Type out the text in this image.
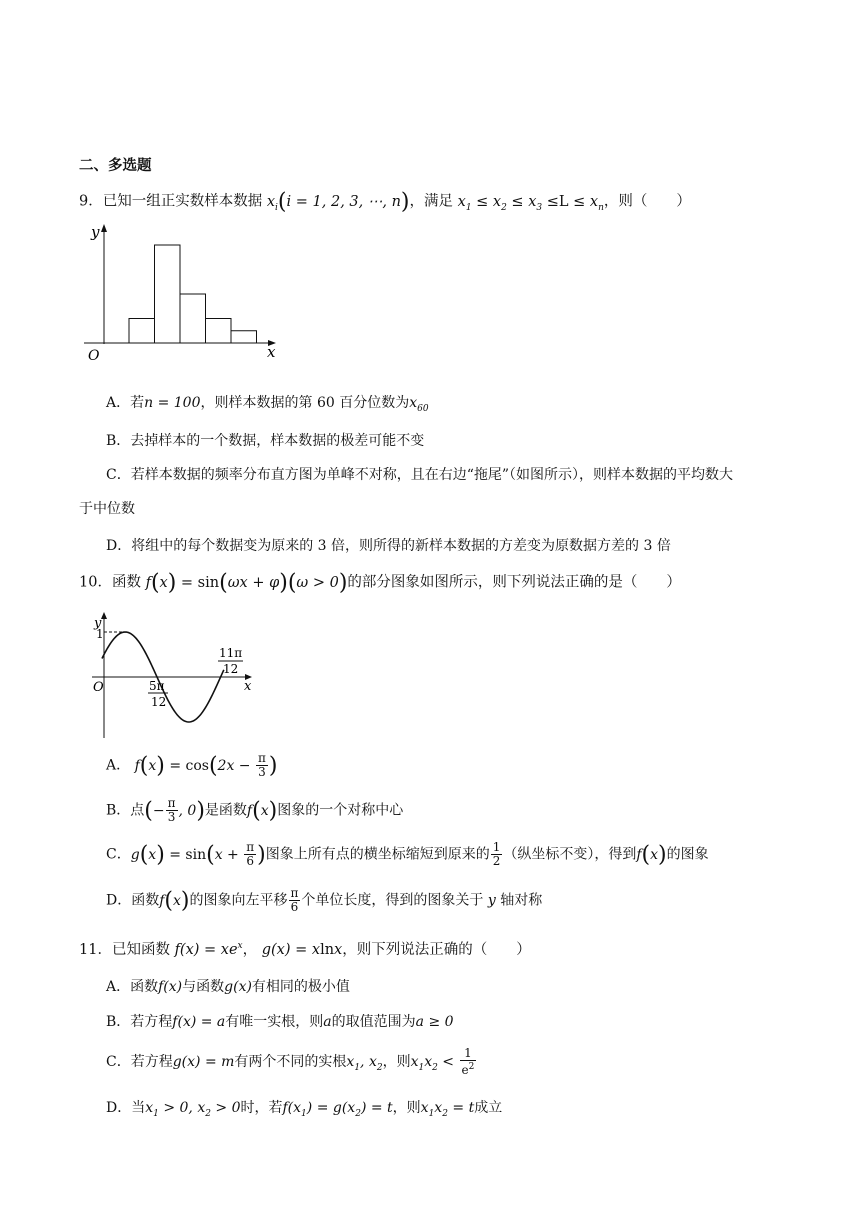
二、多选题
9．已知一组正实数样本数据 $x_i(i = 1$, 2, 3, ⋯, n)，满足 $x_1 \le x_2 \le x_3 \le L \le x_n$，则（　　）
y
x
O
A．若n = 100，则样本数据的第 60 百分位数为$x_{60}$
B．去掉样本的一个数据，样本数据的极差可能不变
C．若样本数据的频率分布直方图为单峰不对称，且在右边“拖尾”（如图所示），则样本数据的平均数大
于中位数
D．将组中的每个数据变为原来的 3 倍，则所得的新样本数据的方差变为原数据方差的 3 倍
10．函数 f(x) = sin(ωx + φ)(ω > 0)的部分图象如图所示，则下列说法正确的是（　　）
y
1
O	x
5π
12
11π
12
A． $f(x) = \cos(2x - \frac{\pi}{3}$ )
B．点(− $\frac{\pi}{3}$ , 0)是函数f(x)图象的一个对称中心
C．$g(x) = \sin(x + \frac{\pi}{6}$ )图象上所有点的横坐标缩短到原来的 $\frac{1}{2}$ （纵坐标不变），得到f(x)的图象
D．函数f(x)的图象向左平移 $\frac{\pi}{6}$ 个单位长度，得到的图象关于 y 轴对称
11．已知函数 $f(x) = xe^x$， g(x) = xlnx，则下列说法正确的（　　）
A．函数f(x)与函数g(x)有相同的极小值
B．若方程f(x) = a有唯一实根，则a的取值范围为a ≥ 0
C．若方程g(x) = m有两个不同的实根$x_1$, $x_2$，则$x_1x_2 < \frac{1}{e^2}$
D．当$x_1 > 0$, $x_2 > 0$时，若$f(x_1) = g(x_2) = t$，则$x_1x_2 = t$成立
